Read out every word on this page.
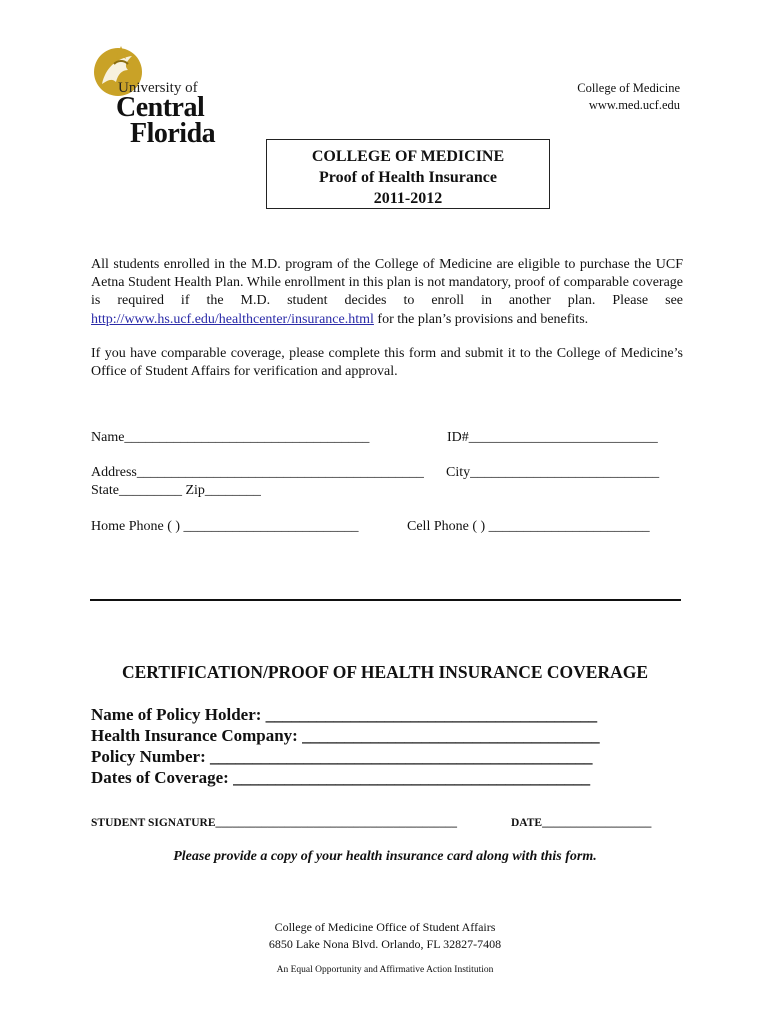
University of
Central
Florida
College of Medicine
www.med.ucf.edu
COLLEGE OF MEDICINE
Proof of Health Insurance
2011-2012
All students enrolled in the M.D. program of the College of Medicine are eligible to purchase the UCF Aetna Student Health Plan. While enrollment in this plan is not mandatory, proof of comparable coverage is required if the M.D. student decides to enroll in another plan. Please see http://www.hs.ucf.edu/healthcenter/insurance.html for the plan’s provisions and benefits.
If you have comparable coverage, please complete this form and submit it to the College of Medicine’s Office of Student Affairs for verification and approval.
Name___________________________________	ID#___________________________
Address_________________________________________ City___________________________
State_________ Zip________
Home Phone ( ) _________________________	Cell Phone ( ) _______________________
CERTIFICATION/PROOF OF HEALTH INSURANCE COVERAGE
Name of Policy Holder: _______________________________________
Health Insurance Company: ___________________________________
Policy Number: _____________________________________________
Dates of Coverage: __________________________________________
STUDENT SIGNATURE__________________________________________	DATE___________________
Please provide a copy of your health insurance card along with this form.
College of Medicine Office of Student Affairs
6850 Lake Nona Blvd. Orlando, FL 32827-7408
An Equal Opportunity and Affirmative Action Institution
